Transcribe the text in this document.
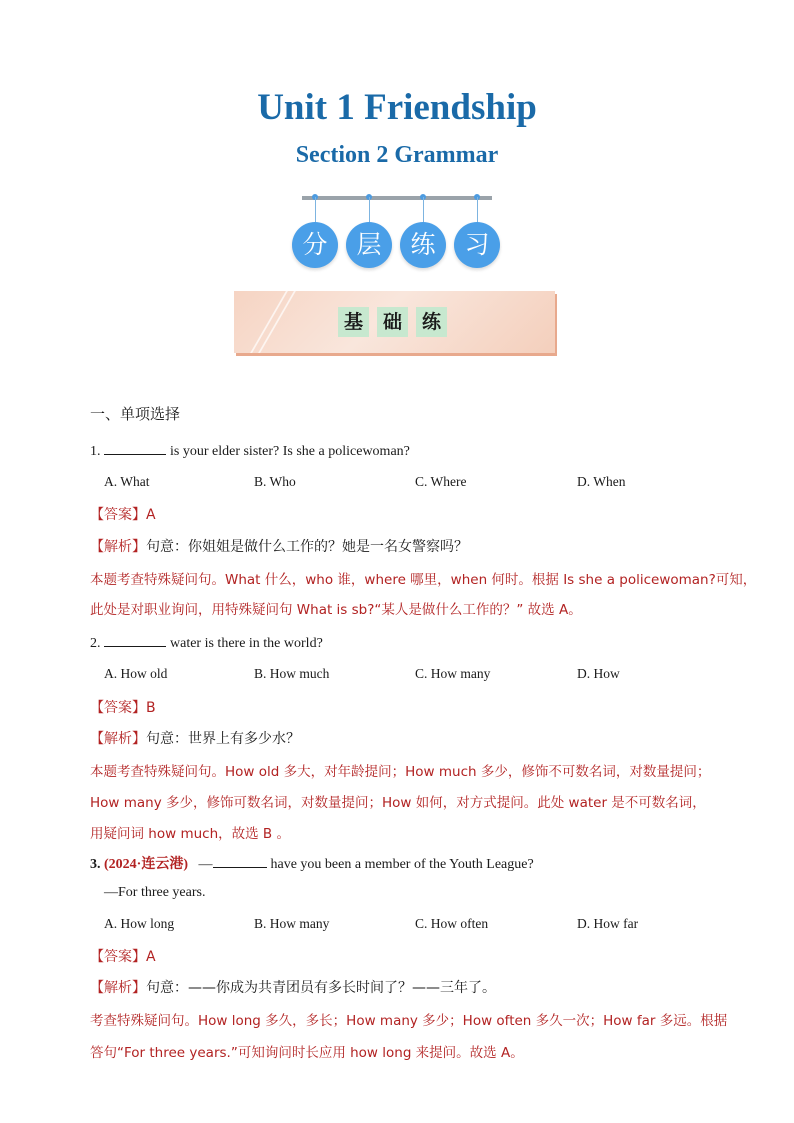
Unit 1 Friendship
Section 2 Grammar
分	层	练	习
基	础	练
一、单项选择
1.	is your elder sister? Is she a policewoman?
A. What	B. Who	C. Where	D. When
【答案】A
【解析】句意：你姐姐是做什么工作的？她是一名女警察吗？
本题考查特殊疑问句。What 什么，who 谁，where 哪里，when 何时。根据 Is she a policewoman?可知，
此处是对职业询问，用特殊疑问句 What is sb?“某人是做什么工作的？” 故选 A。
2.	water is there in the world?
A. How old	B. How much	C. How many	D. How
【答案】B
【解析】句意：世界上有多少水？
本题考查特殊疑问句。How old 多大，对年龄提问；How much 多少，修饰不可数名词，对数量提问；
How many 多少，修饰可数名词，对数量提问；How 如何，对方式提问。此处 water 是不可数名词，
用疑问词 how much，故选 B 。
3. (2024·连云港) —	have you been a member of the Youth League?
—For three years.
A. How long	B. How many	C. How often	D. How far
【答案】A
【解析】句意：——你成为共青团员有多长时间了？——三年了。
考查特殊疑问句。How long 多久，多长；How many 多少；How often 多久一次；How far 多远。根据
答句“For three years.”可知询问时长应用 how long 来提问。故选 A。
